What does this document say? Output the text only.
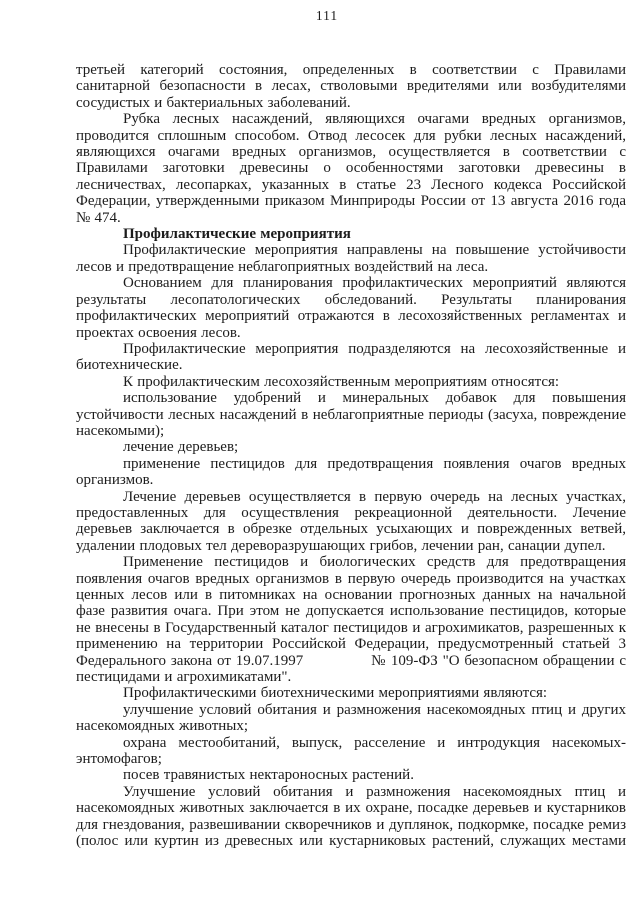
111

третьей категорий состояния, определенных в соответствии с Правилами санитарной безопасности в лесах, стволовыми вредителями или возбудителями сосудистых и бактериальных заболеваний.

Рубка лесных насаждений, являющихся очагами вредных организмов, проводится сплошным способом. Отвод лесосек для рубки лесных насаждений, являющихся очагами вредных организмов, осуществляется в соответствии с Правилами заготовки древесины о особенностями заготовки древесины в лесничествах, лесопарках, указанных в статье 23 Лесного кодекса Российской Федерации, утвержденными приказом Минприроды России от 13 августа 2016 года № 474.

Профилактические мероприятия

Профилактические мероприятия направлены на повышение устойчивости лесов и предотвращение неблагоприятных воздействий на леса.

Основанием для планирования профилактических мероприятий являются результаты лесопатологических обследований. Результаты планирования профилактических мероприятий отражаются в лесохозяйственных регламентах и проектах освоения лесов.

Профилактические мероприятия подразделяются на лесохозяйственные и биотехнические.

К профилактическим лесохозяйственным мероприятиям относятся:

использование удобрений и минеральных добавок для повышения устойчивости лесных насаждений в неблагоприятные периоды (засуха, повреждение насекомыми);

лечение деревьев;

применение пестицидов для предотвращения появления очагов вредных организмов.

Лечение деревьев осуществляется в первую очередь на лесных участках, предоставленных для осуществления рекреационной деятельности. Лечение деревьев заключается в обрезке отдельных усыхающих и поврежденных ветвей, удалении плодовых тел дереворазрушающих грибов, лечении ран, санации дупел.

Применение пестицидов и биологических средств для предотвращения появления очагов вредных организмов в первую очередь производится на участках ценных лесов или в питомниках на основании прогнозных данных на начальной фазе развития очага. При этом не допускается использование пестицидов, которые не внесены в Государственный каталог пестицидов и агрохимикатов, разрешенных к применению на территории Российской Федерации, предусмотренный статьей 3 Федерального закона от 19.07.1997              № 109-ФЗ "О безопасном обращении с пестицидами и агрохимикатами".

Профилактическими биотехническими мероприятиями являются:

улучшение условий обитания и размножения насекомоядных птиц и других насекомоядных животных;

охрана местообитаний, выпуск, расселение и интродукция насекомых-энтомофагов;

посев травянистых нектароносных растений.

Улучшение условий обитания и размножения насекомоядных птиц и насекомоядных животных заключается в их охране, посадке деревьев и кустарников для гнездования, развешивании скворечников и дуплянок, подкормке, посадке ремиз (полос или куртин из древесных или кустарниковых растений, служащих местами
